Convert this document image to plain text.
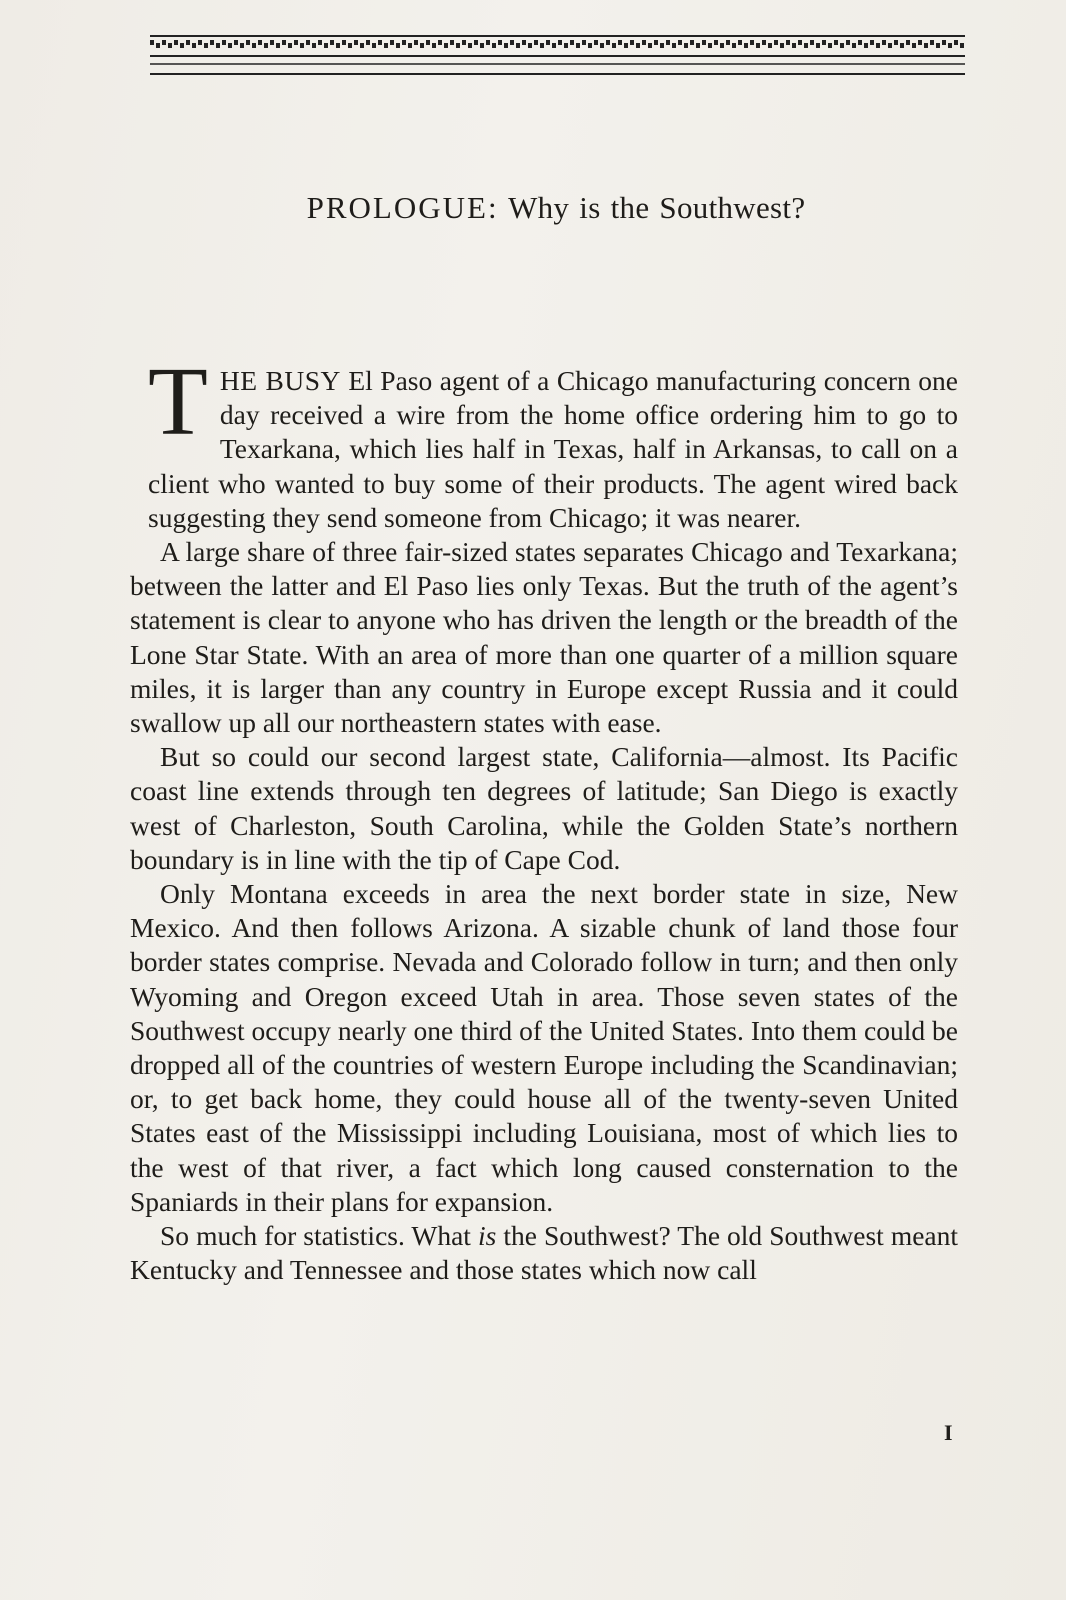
PROLOGUE: Why is the Southwest?

THE BUSY El Paso agent of a Chicago manufacturing concern one day received a wire from the home office ordering him to go to Texarkana, which lies half in Texas, half in Arkansas, to call on a client who wanted to buy some of their products. The agent wired back suggesting they send someone from Chicago; it was nearer.

A large share of three fair-sized states separates Chicago and Texarkana; between the latter and El Paso lies only Texas. But the truth of the agent’s statement is clear to anyone who has driven the length or the breadth of the Lone Star State. With an area of more than one quarter of a million square miles, it is larger than any country in Europe except Russia and it could swallow up all our northeastern states with ease.

But so could our second largest state, California—almost. Its Pacific coast line extends through ten degrees of latitude; San Diego is exactly west of Charleston, South Carolina, while the Golden State’s northern boundary is in line with the tip of Cape Cod.

Only Montana exceeds in area the next border state in size, New Mexico. And then follows Arizona. A sizable chunk of land those four border states comprise. Nevada and Colorado follow in turn; and then only Wyoming and Oregon exceed Utah in area. Those seven states of the Southwest occupy nearly one third of the United States. Into them could be dropped all of the countries of western Europe including the Scandinavian; or, to get back home, they could house all of the twenty-seven United States east of the Mississippi including Louisiana, most of which lies to the west of that river, a fact which long caused consternation to the Spaniards in their plans for expansion.

So much for statistics. What is the Southwest? The old Southwest meant Kentucky and Tennessee and those states which now call

I
